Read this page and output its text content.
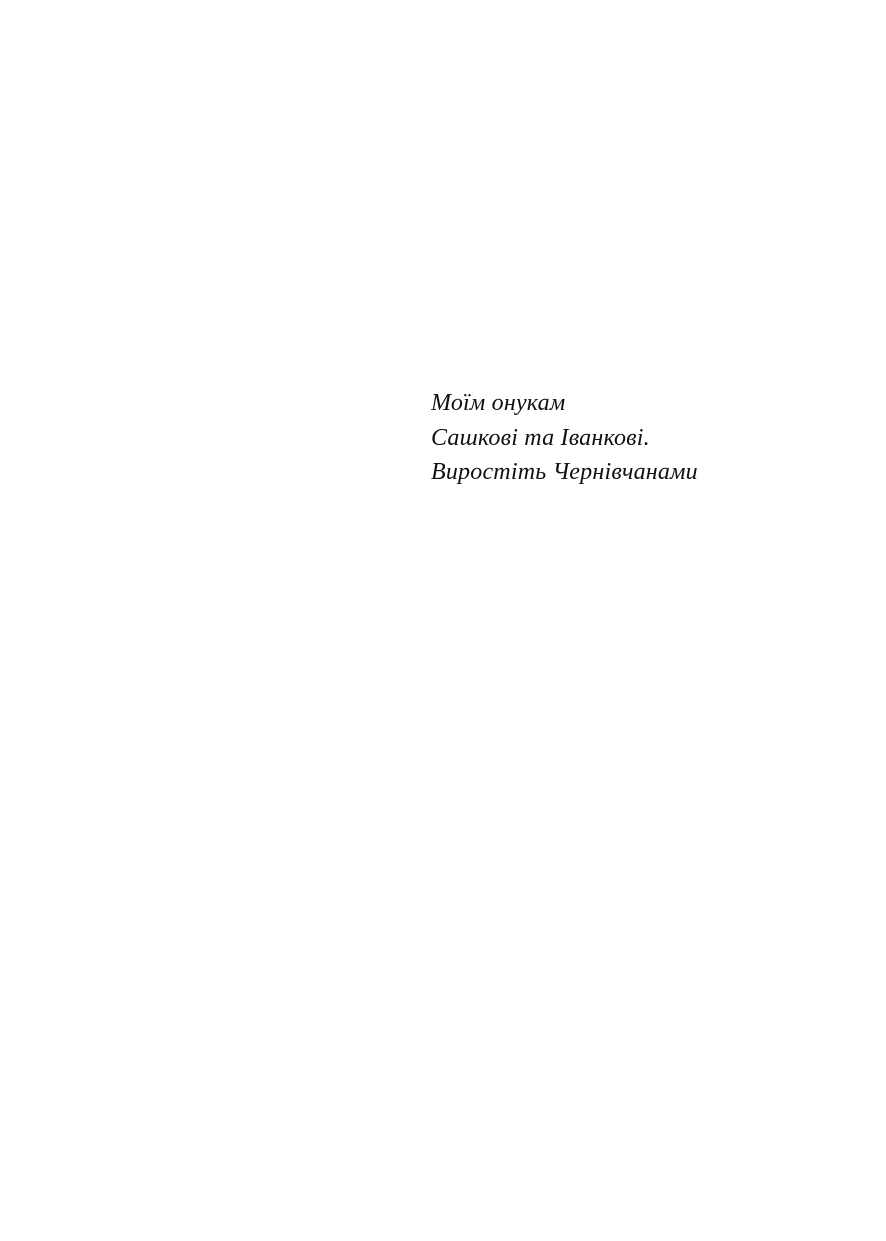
Моїм онукам
Сашкові та Іванкові.
Виростіть Чернівчанами
